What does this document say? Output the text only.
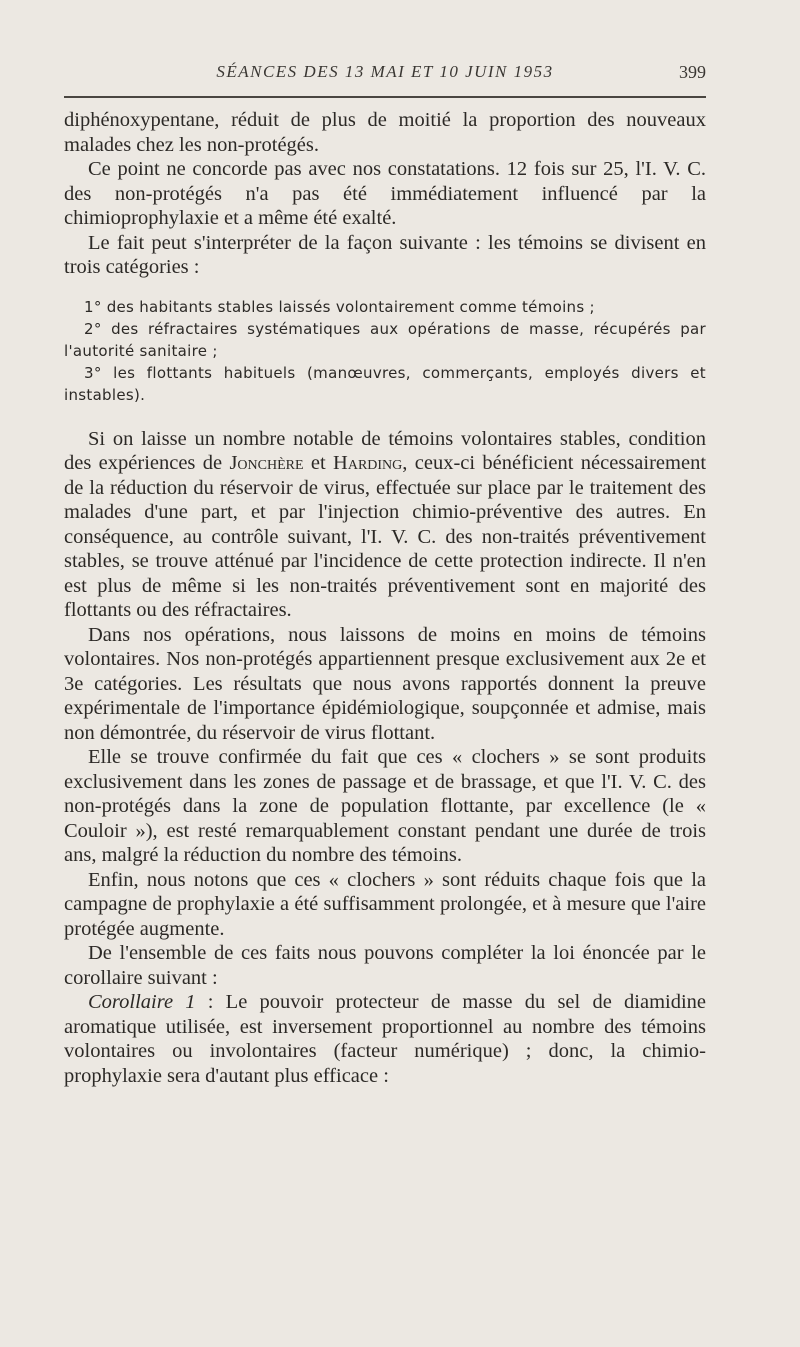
SÉANCES DES 13 MAI ET 10 JUIN 1953	399

diphénoxypentane, réduit de plus de moitié la proportion des nouveaux malades chez les non-protégés.

Ce point ne concorde pas avec nos constatations. 12 fois sur 25, l'I. V. C. des non-protégés n'a pas été immédiatement influencé par la chimioprophylaxie et a même été exalté.

Le fait peut s'interpréter de la façon suivante : les témoins se divisent en trois catégories :

1° des habitants stables laissés volontairement comme témoins ;

2° des réfractaires systématiques aux opérations de masse, récupérés par l'autorité sanitaire ;

3° les flottants habituels (manœuvres, commerçants, employés divers et instables).

Si on laisse un nombre notable de témoins volontaires stables, condition des expériences de Jonchère et Harding, ceux-ci bénéficient nécessairement de la réduction du réservoir de virus, effectuée sur place par le traitement des malades d'une part, et par l'injection chimio-préventive des autres. En conséquence, au contrôle suivant, l'I. V. C. des non-traités préventivement stables, se trouve atténué par l'incidence de cette protection indirecte. Il n'en est plus de même si les non-traités préventivement sont en majorité des flottants ou des réfractaires.

Dans nos opérations, nous laissons de moins en moins de témoins volontaires. Nos non-protégés appartiennent presque exclusivement aux 2e et 3e catégories. Les résultats que nous avons rapportés donnent la preuve expérimentale de l'importance épidémiologique, soupçonnée et admise, mais non démontrée, du réservoir de virus flottant.

Elle se trouve confirmée du fait que ces « clochers » se sont produits exclusivement dans les zones de passage et de brassage, et que l'I. V. C. des non-protégés dans la zone de population flottante, par excellence (le « Couloir »), est resté remarquablement constant pendant une durée de trois ans, malgré la réduction du nombre des témoins.

Enfin, nous notons que ces « clochers » sont réduits chaque fois que la campagne de prophylaxie a été suffisamment prolongée, et à mesure que l'aire protégée augmente.

De l'ensemble de ces faits nous pouvons compléter la loi énoncée par le corollaire suivant :

Corollaire 1 : Le pouvoir protecteur de masse du sel de diamidine aromatique utilisée, est inversement proportionnel au nombre des témoins volontaires ou involontaires (facteur numérique) ; donc, la chimio-prophylaxie sera d'autant plus efficace :
